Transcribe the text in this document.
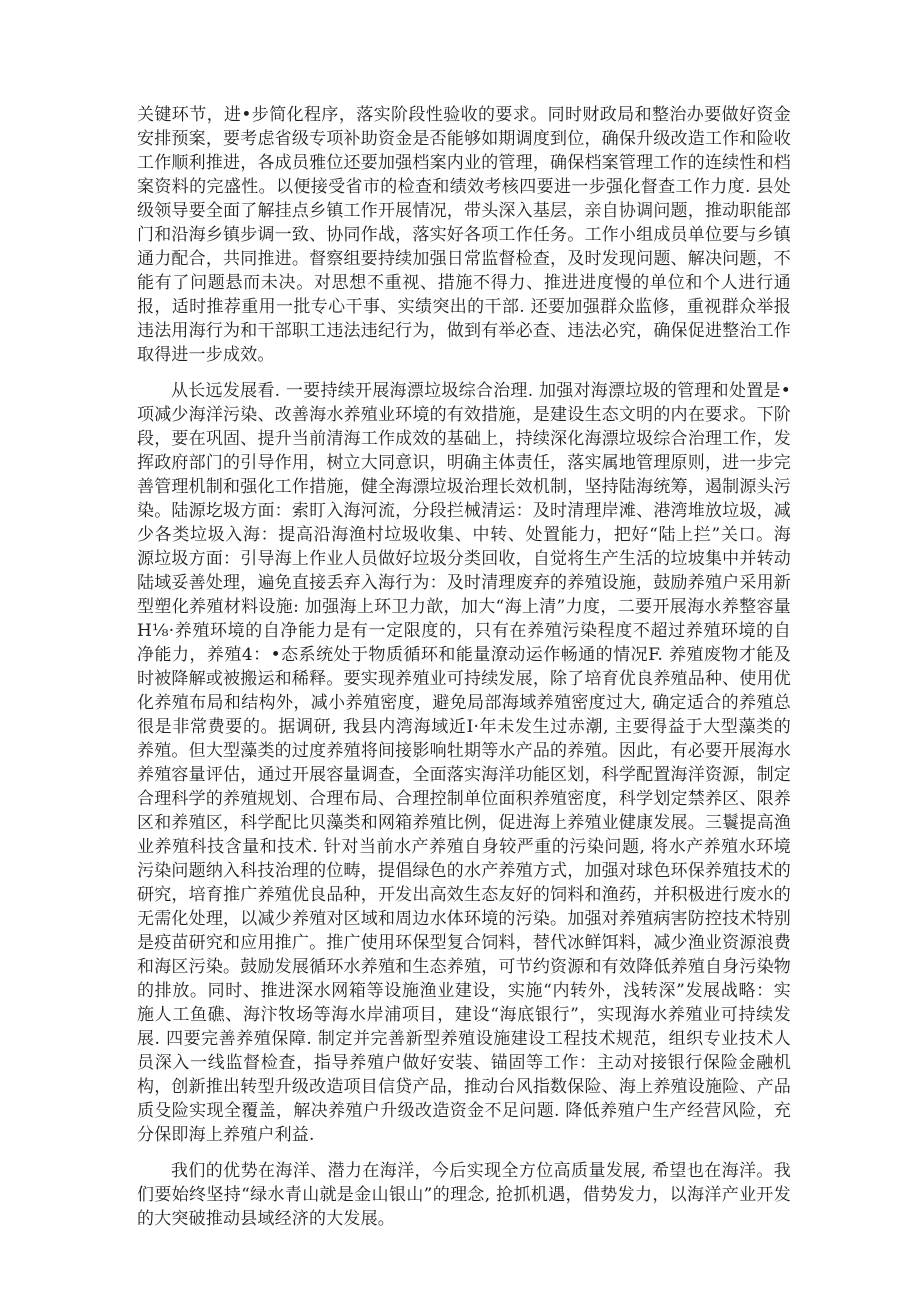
关键环节，进•步简化程序，落实阶段性验收的要求。同时财政局和整治办要做好资金安排预案，要考虑省级专项补助资金是否能够如期调度到位，确保升级改造工作和险收工作顺利推进，各成员雅位还要加强档案内业的管理，确保档案管理工作的连续性和档案资料的完盛性。以便接受省市的检查和绩效考核四要进一步强化督查工作力度. 县处级领导要全面了解挂点乡镇工作开展情况，带头深入基层，亲自协调问题，推动职能部门和沿海乡镇步调一致、协同作战，落实好各项工作任务。工作小组成员单位要与乡镇通力配合，共同推进。督察组要持续加强日常监督检查，及时发现问题、解决问题，不能有了问题悬而未决。对思想不重视、措施不得力、推进进度慢的单位和个人进行通报，适时推荐重用一批专心干事、实绩突出的干部. 还要加强群众监修，重视群众举报违法用海行为和干部职工违法违纪行为，做到有举必查、违法必究，确保促进整治工作取得进一步成效。

从长远发展看. 一要持续开展海漂垃圾综合治理. 加强对海漂垃圾的管理和处置是•项减少海洋污染、改善海水养殖业环境的有效措施，是建设生态文明的内在要求。下阶段，要在巩固、提升当前清海工作成效的基础上，持续深化海漂垃圾综合治理工作，发挥政府部门的引导作用，树立大同意识，明确主体责任，落实属地管理原则，进一步完善管理机制和强化工作措施，健全海漂垃圾治理长效机制，坚持陆海统筹，遏制源头污染。陆源圪圾方面：索盯入海河流，分段拦械清运：及时清理岸滩、港湾堆放垃圾，减少各类垃圾入海：提高沿海渔村垃圾收集、中转、处置能力，把好“陆上拦”关口。海源垃圾方面：引导海上作业人员做好垃圾分类回收，自觉将生产生活的垃坡集中并转动陆域妥善处理，遍免直接丢弃入海行为：及时清理废弃的养殖设施，鼓励养殖户采用新型塑化养殖材料设施: 加强海上环卫力歆，加大“海上清”力度，二要开展海水养整容量H⅛·养殖环境的自净能力是有一定限度的，只有在养殖污染程度不超过养殖环境的自净能力，养殖4：•态系统处于物质循环和能量潦动运作畅通的情况F. 养殖废物才能及时被降解或被搬运和稀释。要实现养殖业可持续发展，除了培育优良养殖品种、使用优化养殖布局和结构外，减小养殖密度，避免局部海域养殖密度过大, 确定适合的养殖总很是非常费要的。据调研, 我县内湾海域近I·年未发生过赤潮, 主要得益于大型藻类的养殖。但大型藻类的过度养殖将间接影响牡期等水产品的养殖。因此，有必要开展海水养殖容量评估，通过开展容量调查，全面落实海洋功能区划，科学配置海洋资源，制定合理科学的养殖规划、合理布局、合理控制单位面积养殖密度，科学划定禁养区、限养区和养殖区，科学配比贝藻类和网箱养殖比例，促进海上养殖业健康发展。三鬟提高渔业养殖科技含量和技术. 针对当前水产养殖自身较严重的污染问题, 将水产养殖水环境污染问题纳入科技治理的位畴，提倡绿色的水产养殖方式，加强对球色环保养殖技术的研究，培育推广养殖优良品种，开发出高效生态友好的饲料和渔药，并积极进行废水的无需化处理，以减少养殖对区域和周边水体环境的污染。加强对养殖病害防控技术特别是疫苗研究和应用推广。推广使用环保型复合饲料，替代冰鲜饵料，减少渔业资源浪费和海区污染。鼓励发展循环水养殖和生态养殖，可节约资源和有效降低养殖自身污染物的排放。同时、推进深水网箱等设施渔业建设，实施“内转外，浅转深”发展战略：实施人工鱼礁、海汴牧场等海水岸浦项目，建设“海底银行”，实现海水养殖业可持续发展. 四要完善养殖保障. 制定并完善新型养殖设施建设工程技术规范，组织专业技术人员深入一线监督检査，指导养殖户做好安装、锚固等工作：主动对接银行保险金融机构，创新推出转型升级改造项目信贷产品，推动台风指数保险、海上养殖设施险、产品质殳险实现全覆盖，解决养殖户升级改造资金不足问题. 降低养殖户生产经营风险，充分保即海上养殖户利益.

我们的优势在海洋、潜力在海洋，今后实现全方位高质量发展, 希望也在海洋。我们要始终坚持“绿水青山就是金山银山”的理念, 抢抓机遇，借势发力，以海洋产业开发的大突破推动县域经济的大发展。
